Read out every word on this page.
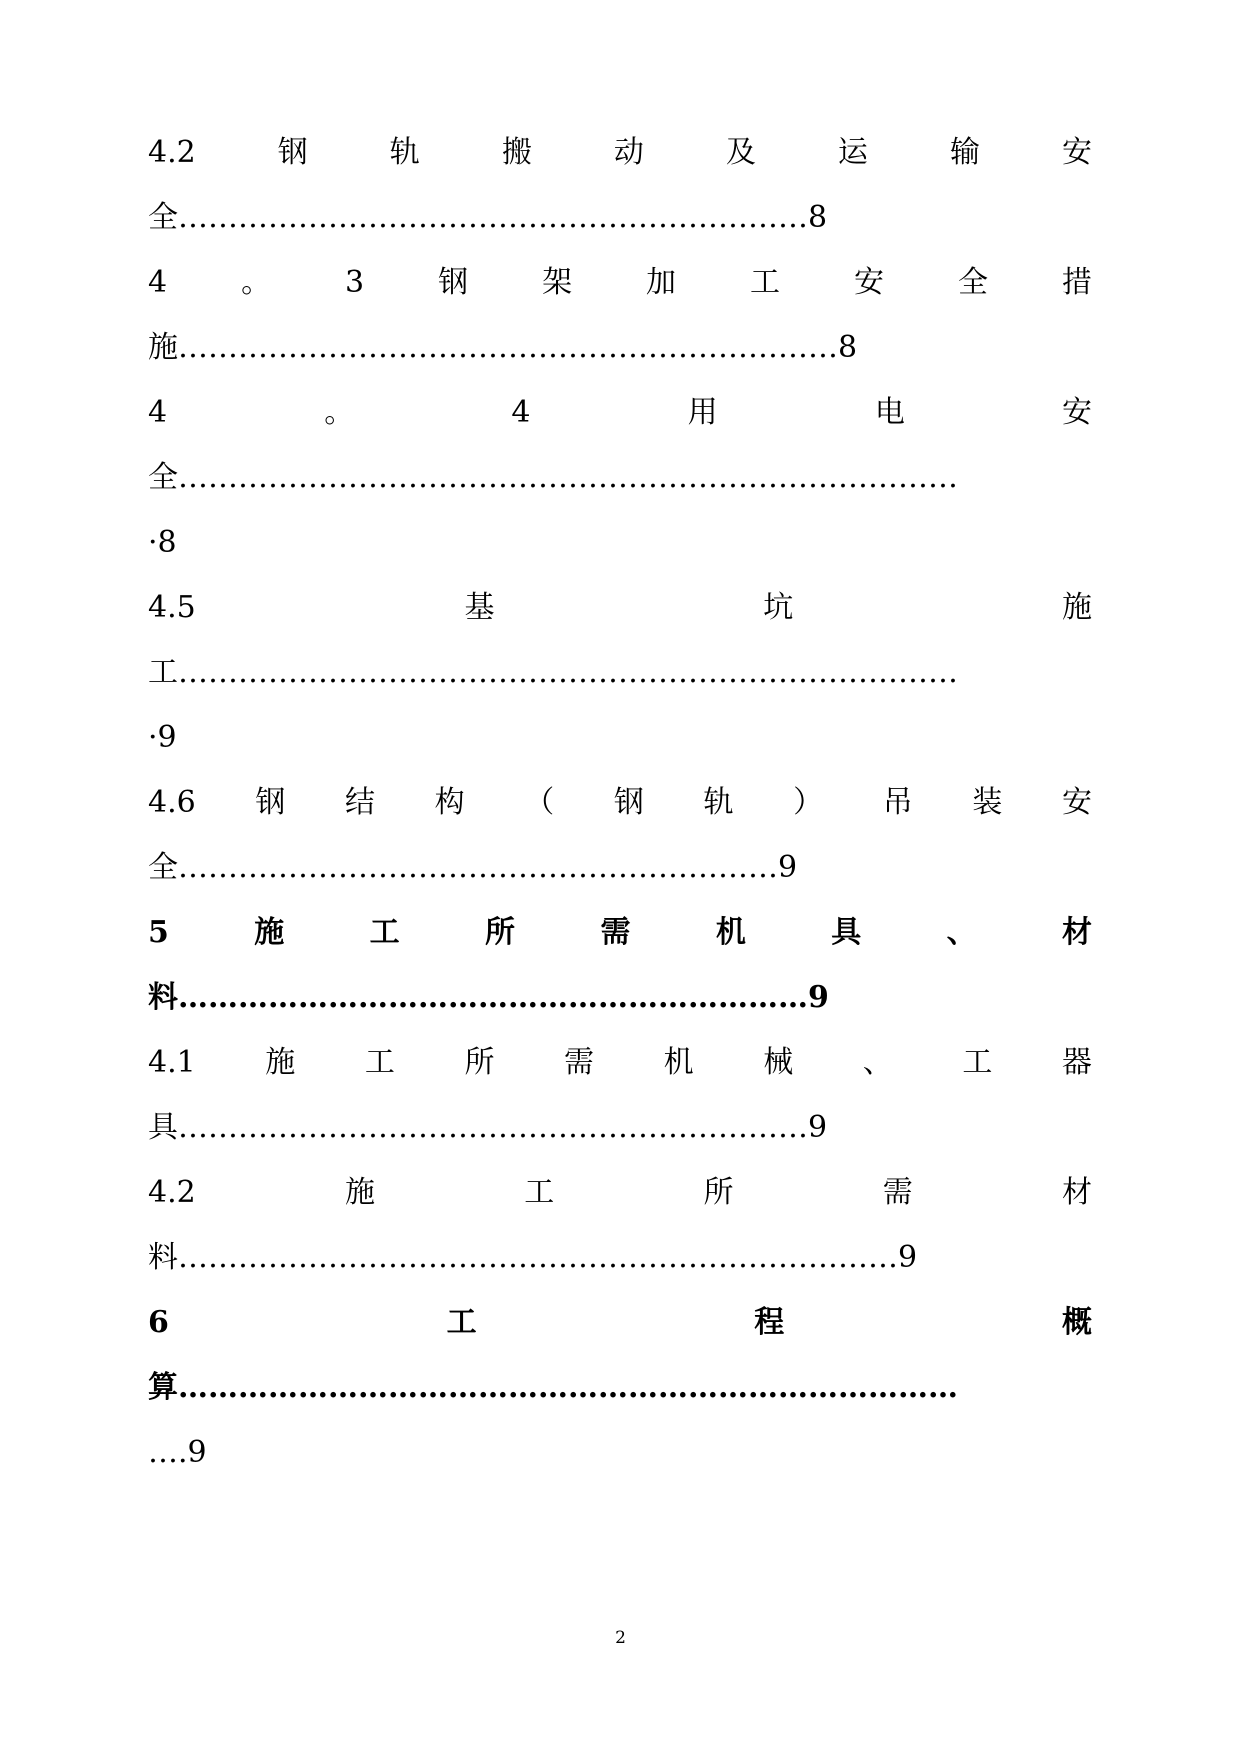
4.2	钢	轨	搬	动	及	运	输	安
全………………………………………………………8
4 。 3 钢 架 加 工 安 全 措
施…………………………………………………………8
4	。	4	用	电	安
全……………………………………………………………………
·8
4.5	基	坑	施
工……………………………………………………………………
·9
4.6 钢 结 构 （ 钢 轨 ） 吊 装 安
全……………………………………………………9
5	施	工	所	需	机	具	、	材
料………………………………………………………9
4.1 施 工 所 需 机 械 、 工 器
具………………………………………………………9
4.2	施	工	所	需	材
料………………………………………………………………9
6	工	程	概
算……………………………………………………………………
….9
2
